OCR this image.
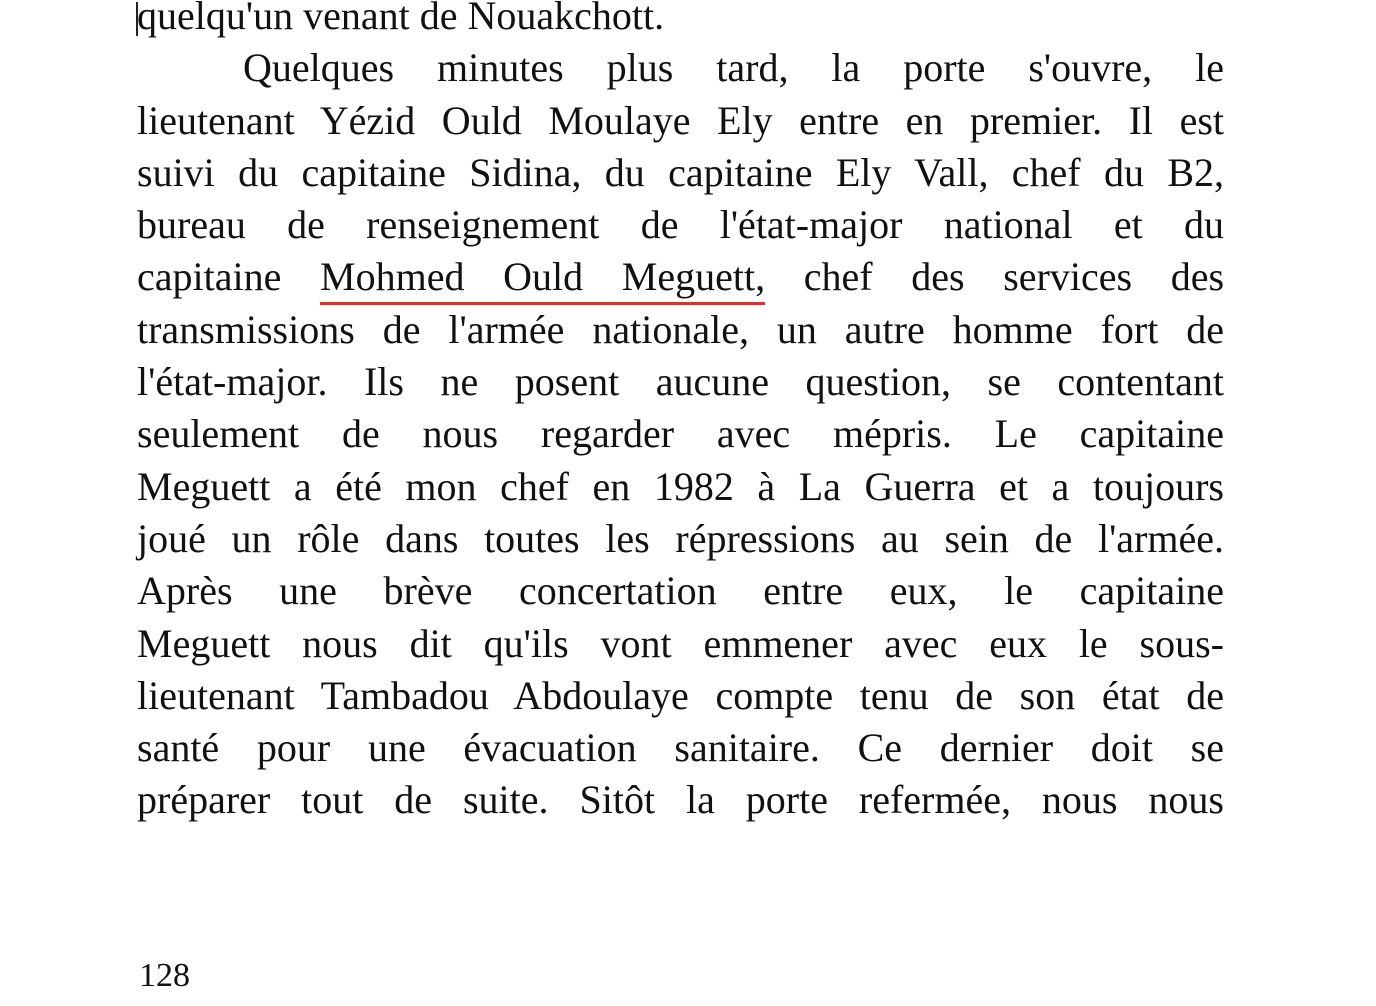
quelqu'un venant de Nouakchott.
Quelques minutes plus tard, la porte s'ouvre, le
lieutenant Yézid Ould Moulaye Ely entre en premier. Il est
suivi du capitaine Sidina, du capitaine Ely Vall, chef du B2,
bureau de renseignement de l'état-major national et du
capitaine Mohmed Ould Meguett, chef des services des
transmissions de l'armée nationale, un autre homme fort de
l'état-major. Ils ne posent aucune question, se contentant
seulement de nous regarder avec mépris. Le capitaine
Meguett a été mon chef en 1982 à La Guerra et a toujours
joué un rôle dans toutes les répressions au sein de l'armée.
Après une brève concertation entre eux, le capitaine
Meguett nous dit qu'ils vont emmener avec eux le sous-
lieutenant Tambadou Abdoulaye compte tenu de son état de
santé pour une évacuation sanitaire. Ce dernier doit se
préparer tout de suite. Sitôt la porte refermée, nous nous
128
